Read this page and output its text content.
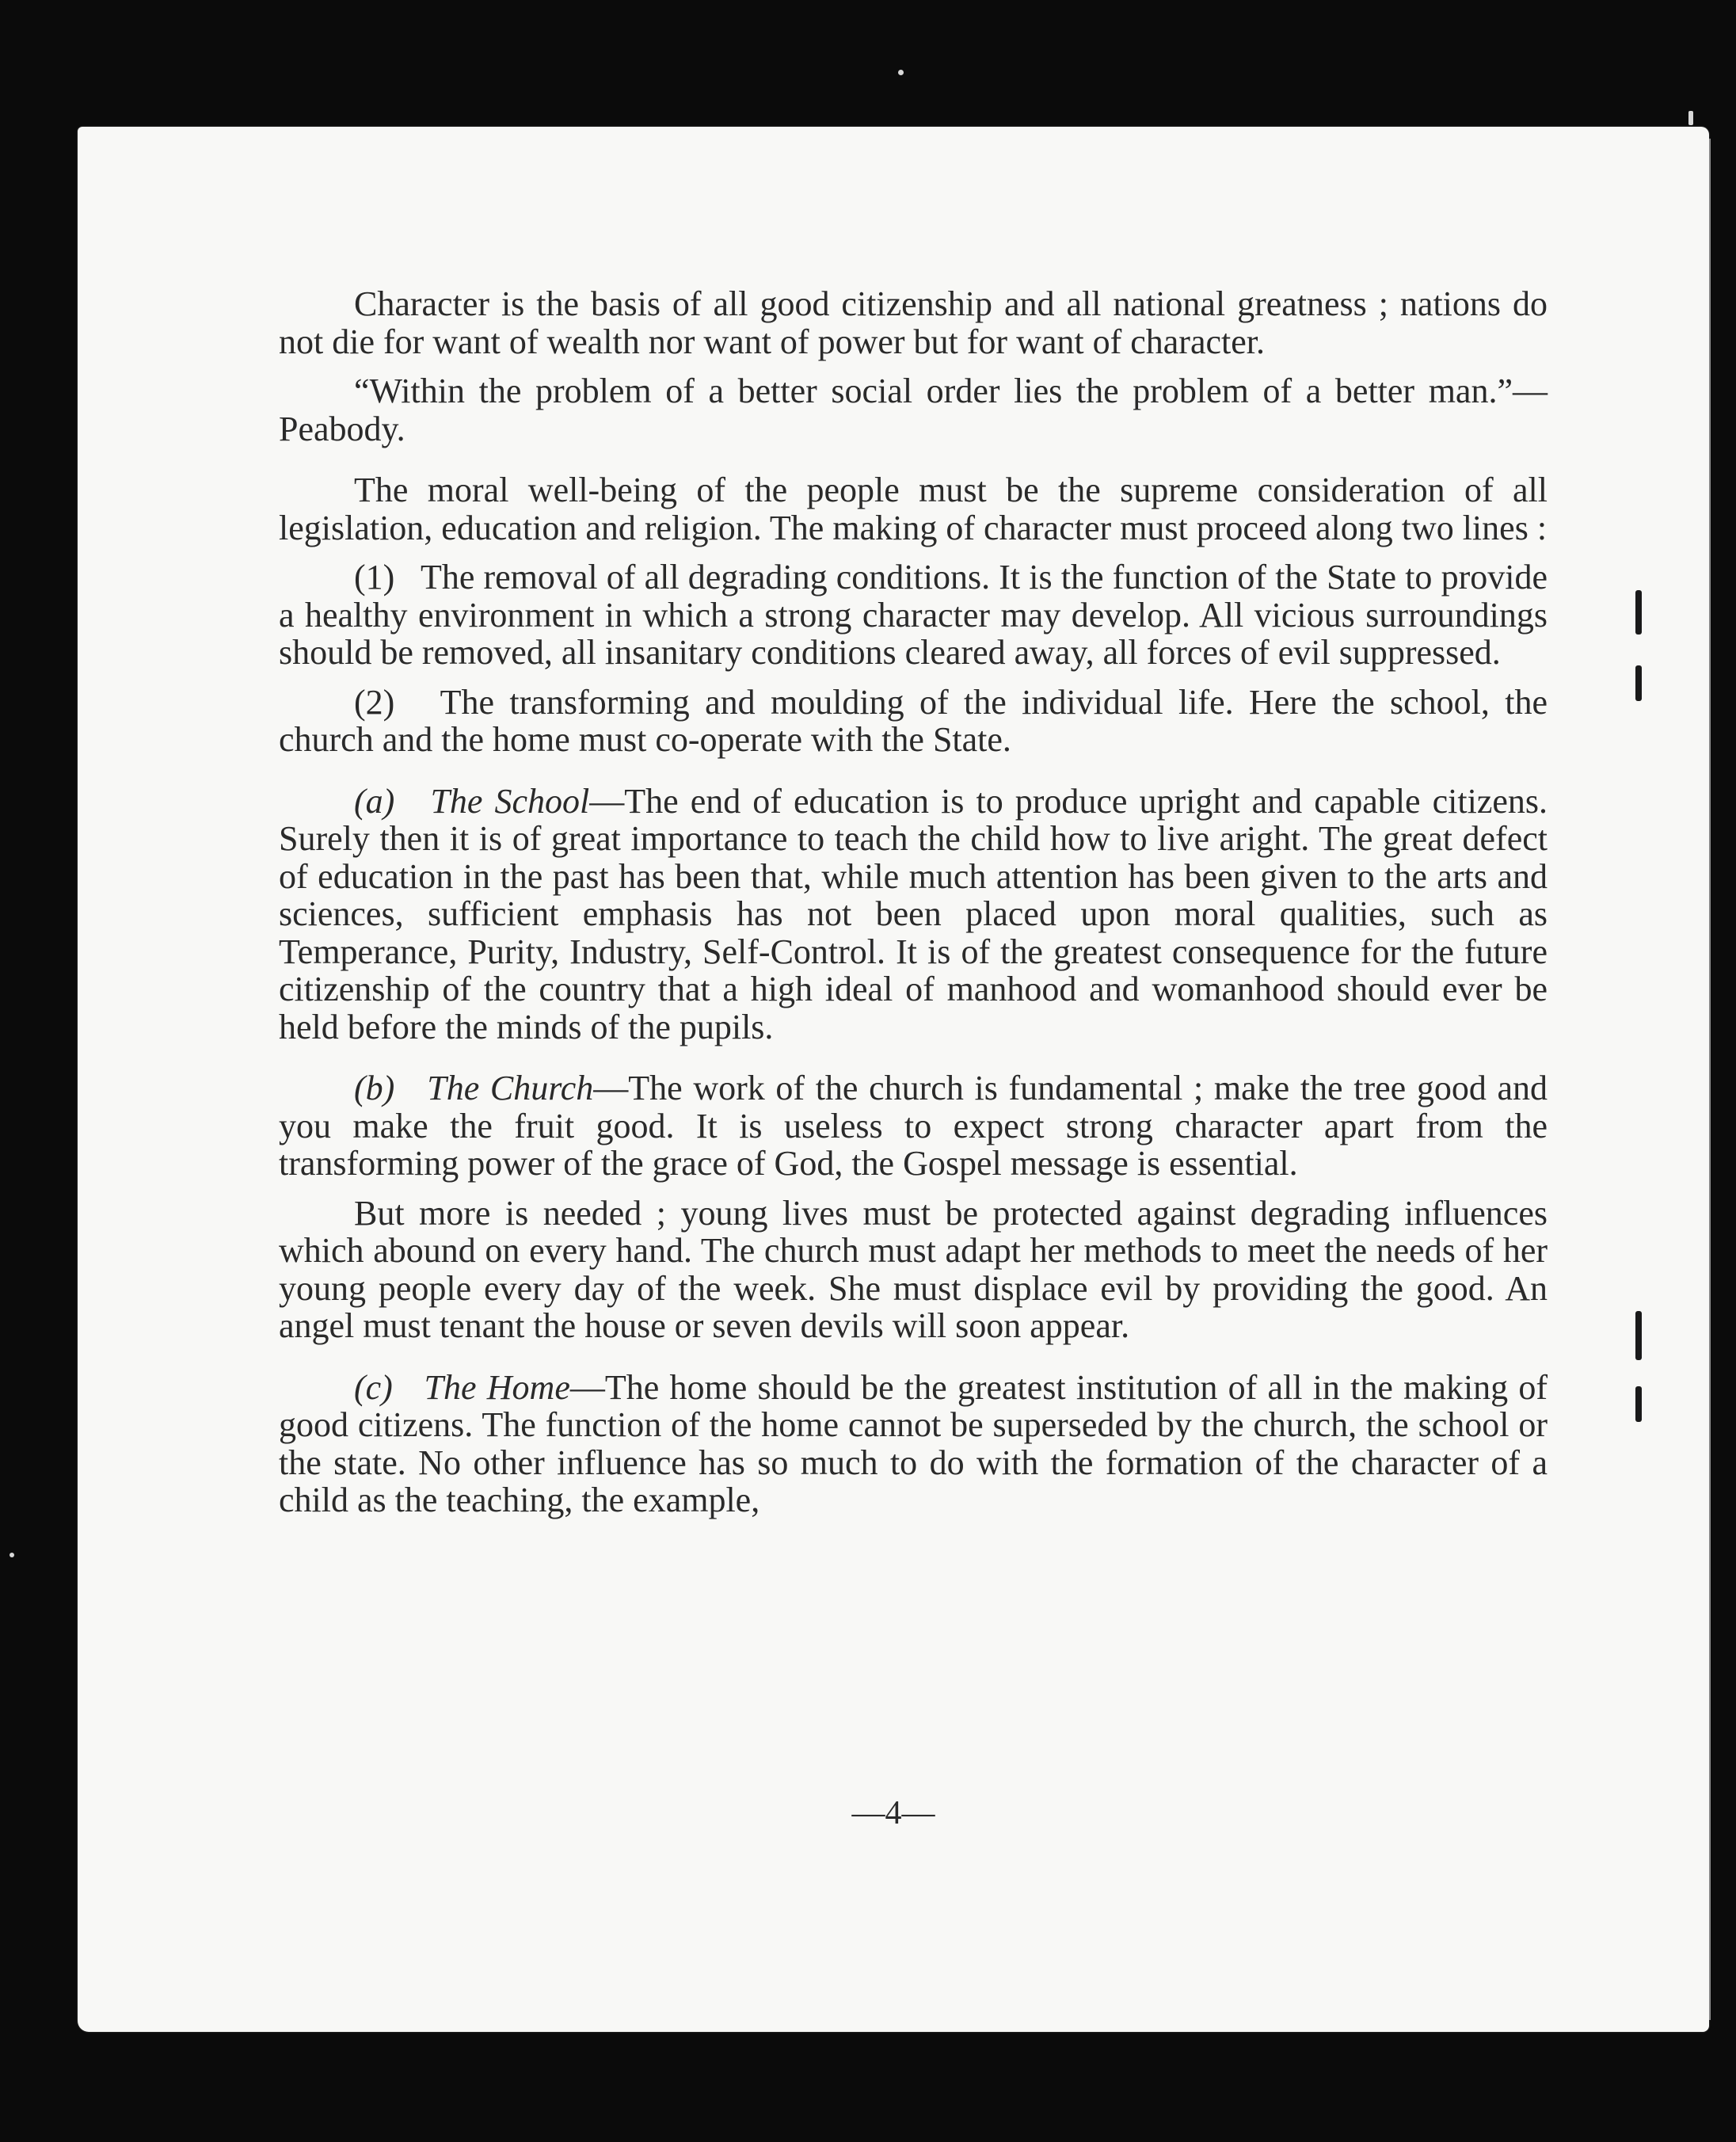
—4—

Character is the basis of all good citizenship and all national greatness ; nations do not die for want of wealth nor want of power but for want of character.

“Within the problem of a better social order lies the problem of a better man.”—Peabody.

The moral well-being of the people must be the supreme consideration of all legislation, education and religion. The making of character must proceed along two lines :

(1) The removal of all degrading conditions. It is the function of the State to provide a healthy environment in which a strong character may develop. All vicious surroundings should be removed, all insanitary conditions cleared away, all forces of evil suppressed.

(2) The transforming and moulding of the individual life. Here the school, the church and the home must co-operate with the State.

(a) The School—The end of education is to produce upright and capable citizens. Surely then it is of great importance to teach the child how to live aright. The great defect of education in the past has been that, while much attention has been given to the arts and sciences, sufficient emphasis has not been placed upon moral qualities, such as Temperance, Purity, Industry, Self-Control. It is of the greatest consequence for the future citizenship of the country that a high ideal of manhood and womanhood should ever be held before the minds of the pupils.

(b) The Church—The work of the church is fundamental ; make the tree good and you make the fruit good. It is useless to expect strong character apart from the transforming power of the grace of God, the Gospel message is essential.

But more is needed ; young lives must be protected against degrading influences which abound on every hand. The church must adapt her methods to meet the needs of her young people every day of the week. She must displace evil by providing the good. An angel must tenant the house or seven devils will soon appear.

(c) The Home—The home should be the greatest institution of all in the making of good citizens. The function of the home cannot be superseded by the church, the school or the state. No other influence has so much to do with the formation of the character of a child as the teaching, the example,
